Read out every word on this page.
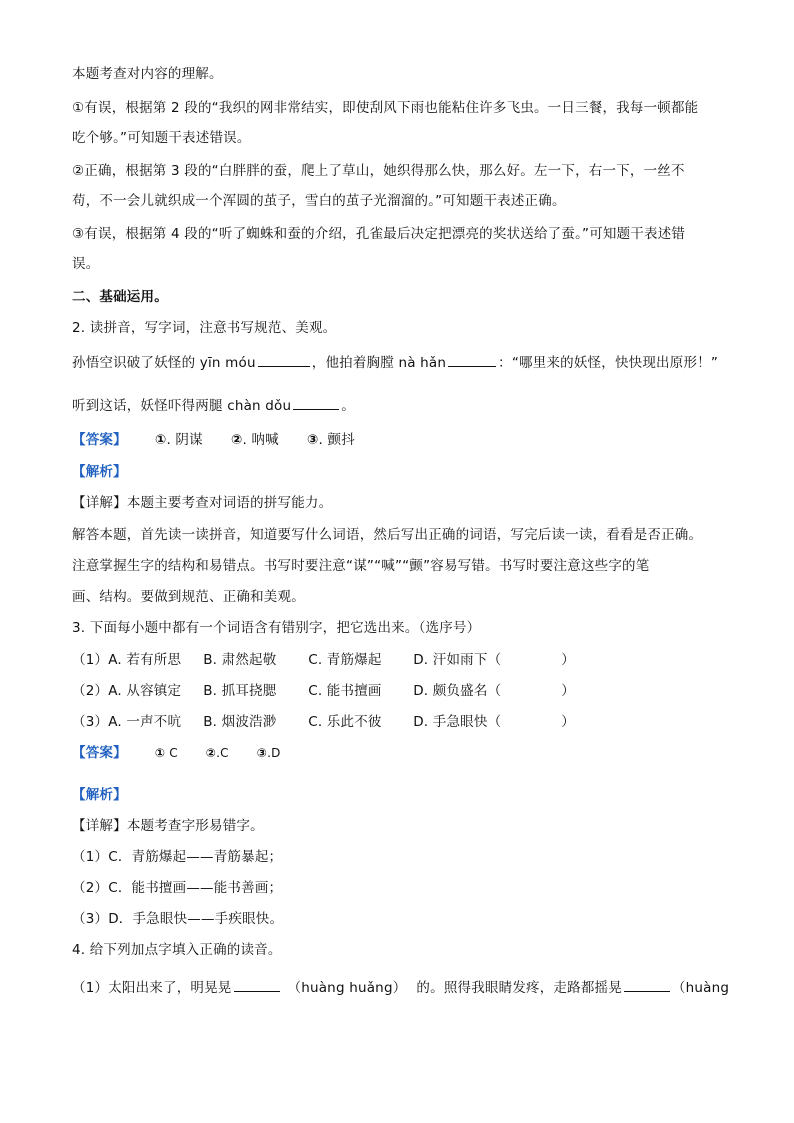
本题考查对内容的理解。
①有误，根据第 2 段的“我织的网非常结实，即使刮风下雨也能粘住许多飞虫。一日三餐，我每一顿都能
吃个够。”可知题干表述错误。
②正确，根据第 3 段的“白胖胖的蚕，爬上了草山，她织得那么快，那么好。左一下，右一下，一丝不
苟，不一会儿就织成一个浑圆的茧子，雪白的茧子光溜溜的。”可知题干表述正确。
③有误，根据第 4 段的“听了蜘蛛和蚕的介绍，孔雀最后决定把漂亮的奖状送给了蚕。”可知题干表述错
误。
二、基础运用。
2. 读拼音，写字词，注意书写规范、美观。
孙悟空识破了妖怪的 yīn móu	，他拍着胸膛 nà hǎn	：“哪里来的妖怪，快快现出原形！”
听到这话，妖怪吓得两腿 chàn dǒu	。
【答案】 ①. 阴谋 ②. 呐喊 ③. 颤抖
【解析】
【详解】本题主要考查对词语的拼写能力。
解答本题，首先读一读拼音，知道要写什么词语，然后写出正确的词语，写完后读一读，看看是否正确。
注意掌握生字的结构和易错点。书写时要注意“谋”“喊”“颤”容易写错。书写时要注意这些字的笔
画、结构。要做到规范、正确和美观。
3. 下面每小题中都有一个词语含有错别字，把它选出来。（选序号）
（1）A. 若有所思 B. 肃然起敬 C. 青筋爆起 D. 汗如雨下（	）
（2）A. 从容镇定 B. 抓耳挠腮 C. 能书擅画 D. 颇负盛名（	）
（3）A. 一声不吭 B. 烟波浩渺 C. 乐此不彼 D. 手急眼快（	）
【答案】 ① C ②.C ③.D
【解析】
【详解】本题考查字形易错字。
（1）C．青筋爆起——青筋暴起；
（2）C．能书擅画——能书善画；
（3）D．手急眼快——手疾眼快。
4. 给下列加点字填入正确的读音。
（1）太阳出来了，明晃晃	（huàng huǎng） 的。照得我眼睛发疼，走路都摇晃	（huàng
